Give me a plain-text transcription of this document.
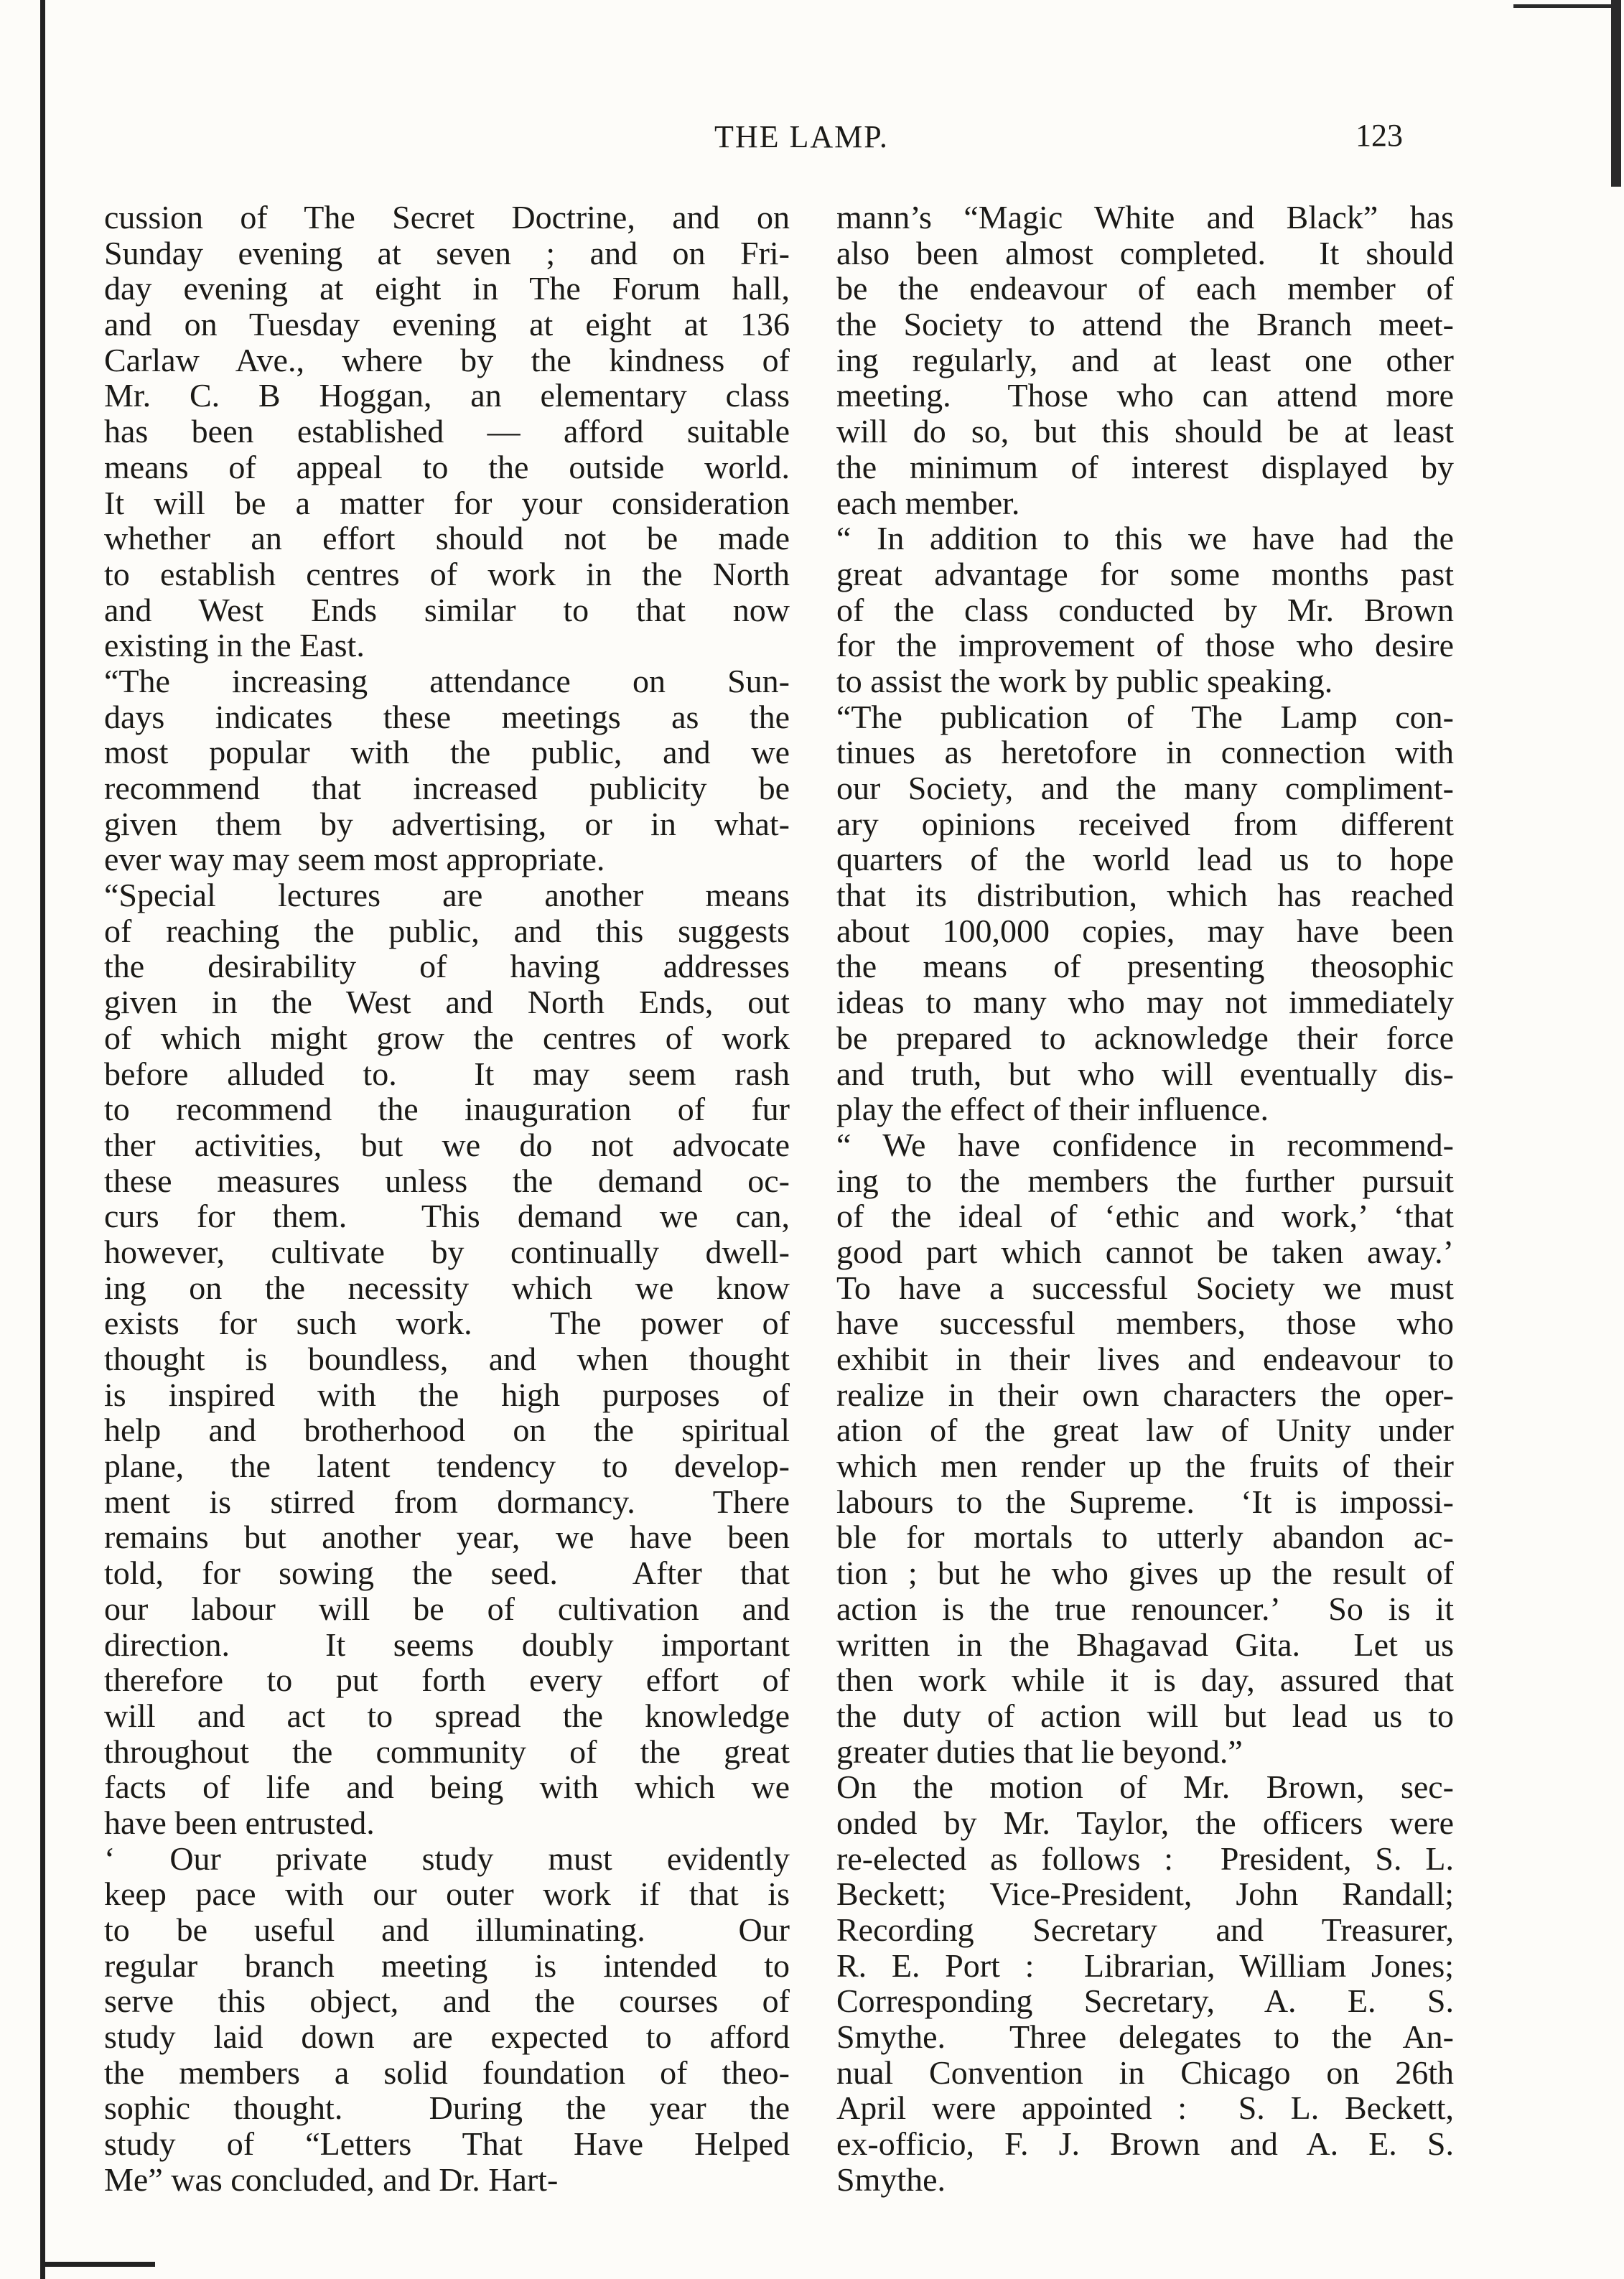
THE LAMP.	123
cussion of The Secret Doctrine, and on
Sunday evening at seven ; and on Fri-
day evening at eight in The Forum hall,
and on Tuesday evening at eight at 136
Carlaw Ave., where by the kindness of
Mr. C. B Hoggan, an elementary class
has been established — afford suitable
means of appeal to the outside world.
It will be a matter for your consideration
whether an effort should not be made
to establish centres of work in the North
and West Ends similar to that now
existing in the East.
“The increasing attendance on Sun-
days indicates these meetings as the
most popular with the public, and we
recommend that increased publicity be
given them by advertising, or in what-
ever way may seem most appropriate.
“Special lectures are another means
of reaching the public, and this suggests
the desirability of having addresses
given in the West and North Ends, out
of which might grow the centres of work
before alluded to.  It may seem rash
to recommend the inauguration of fur
ther activities, but we do not advocate
these measures unless the demand oc-
curs for them.  This demand we can,
however, cultivate by continually dwell-
ing on the necessity which we know
exists for such work.  The power of
thought is boundless, and when thought
is inspired with the high purposes of
help and brotherhood on the spiritual
plane, the latent tendency to develop-
ment is stirred from dormancy.  There
remains but another year, we have been
told, for sowing the seed.  After that
our labour will be of cultivation and
direction.  It seems doubly important
therefore to put forth every effort of
will and act to spread the knowledge
throughout the community of the great
facts of life and being with which we
have been entrusted.
‘ Our private study must evidently
keep pace with our outer work if that is
to be useful and illuminating.  Our
regular branch meeting is intended to
serve this object, and the courses of
study laid down are expected to afford
the members a solid foundation of theo-
sophic thought.  During the year the
study of “Letters That Have Helped
Me” was concluded, and Dr. Hart-
mann’s “Magic White and Black” has
also been almost completed.  It should
be the endeavour of each member of
the Society to attend the Branch meet-
ing regularly, and at least one other
meeting.  Those who can attend more
will do so, but this should be at least
the minimum of interest displayed by
each member.
“ In addition to this we have had the
great advantage for some months past
of the class conducted by Mr. Brown
for the improvement of those who desire
to assist the work by public speaking.
“The publication of The Lamp con-
tinues as heretofore in connection with
our Society, and the many compliment-
ary opinions received from different
quarters of the world lead us to hope
that its distribution, which has reached
about 100,000 copies, may have been
the means of presenting theosophic
ideas to many who may not immediately
be prepared to acknowledge their force
and truth, but who will eventually dis-
play the effect of their influence.
“ We have confidence in recommend-
ing to the members the further pursuit
of the ideal of ‘ethic and work,’ ‘that
good part which cannot be taken away.’
To have a successful Society we must
have successful members, those who
exhibit in their lives and endeavour to
realize in their own characters the oper-
ation of the great law of Unity under
which men render up the fruits of their
labours to the Supreme.  ‘It is impossi-
ble for mortals to utterly abandon ac-
tion ; but he who gives up the result of
action is the true renouncer.’  So is it
written in the Bhagavad Gita.  Let us
then work while it is day, assured that
the duty of action will but lead us to
greater duties that lie beyond.”
On the motion of Mr. Brown, sec-
onded by Mr. Taylor, the officers were
re-elected as follows :  President, S. L.
Beckett; Vice-President, John Randall;
Recording Secretary and Treasurer,
R. E. Port :  Librarian, William Jones;
Corresponding Secretary, A. E. S.
Smythe.  Three delegates to the An-
nual Convention in Chicago on 26th
April were appointed :  S. L. Beckett,
ex-officio, F. J. Brown and A. E. S.
Smythe.
